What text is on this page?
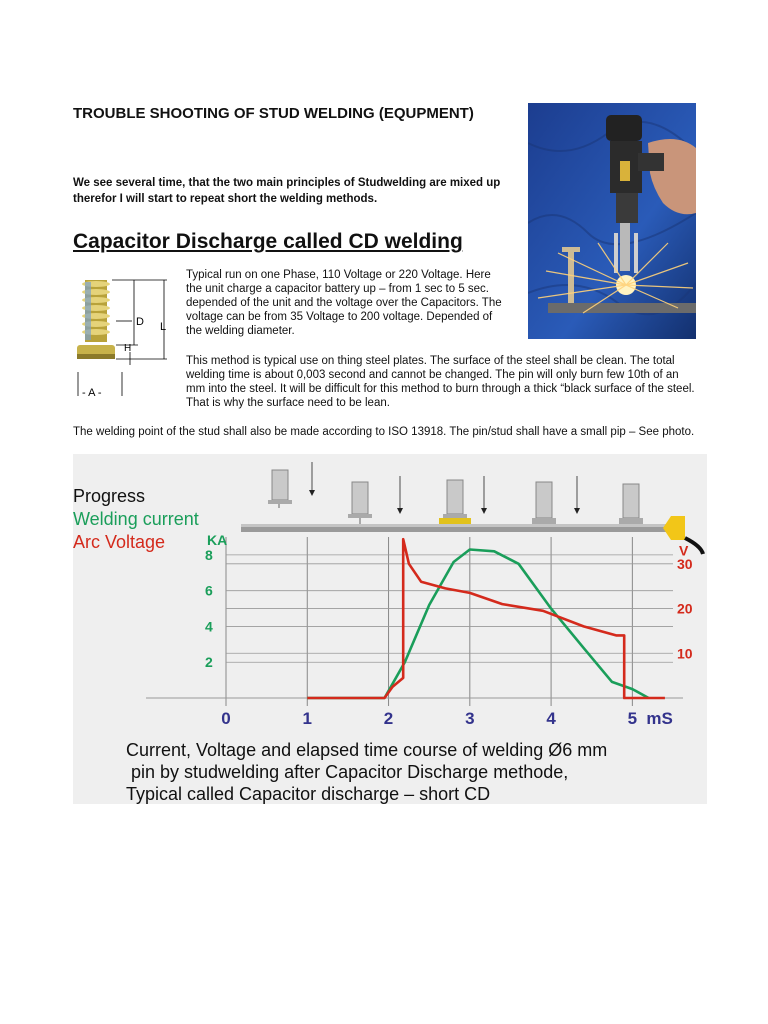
TROUBLE SHOOTING OF STUD WELDING (EQUPMENT)

We see several time, that the two main principles of Studwelding are mixed up therefor I will start to repeat short the welding methods.

Capacitor Discharge called CD welding

Typical run on one Phase, 110 Voltage or 220 Voltage. Here the unit charge a capacitor battery up – from 1 sec to 5 sec. depended of the unit and the voltage over the Capacitors. The voltage can be from 35 Voltage to 200 voltage. Depended of the welding diameter.

This method is typical use on thing steel plates. The surface of the steel shall be clean. The total welding time is about 0,003 second and cannot be changed. The pin will only burn few 10th of an mm into the steel. It will be difficult for this method to burn through a thick “black surface of the steel. That is why the surface need to be lean.

The welding point of the stud shall also be made according to ISO 13918. The pin/stud shall have a small pip – See photo.

D L
H
- A -
Progress
Welding current
Arc Voltage
0	1	2	3	4	5 mS
KA
2
4
6
8	V
10
20
30
Current, Voltage and elapsed time course of welding Ø6 mm
pin by studwelding after Capacitor Discharge methode,
Typical called Capacitor discharge – short CD
